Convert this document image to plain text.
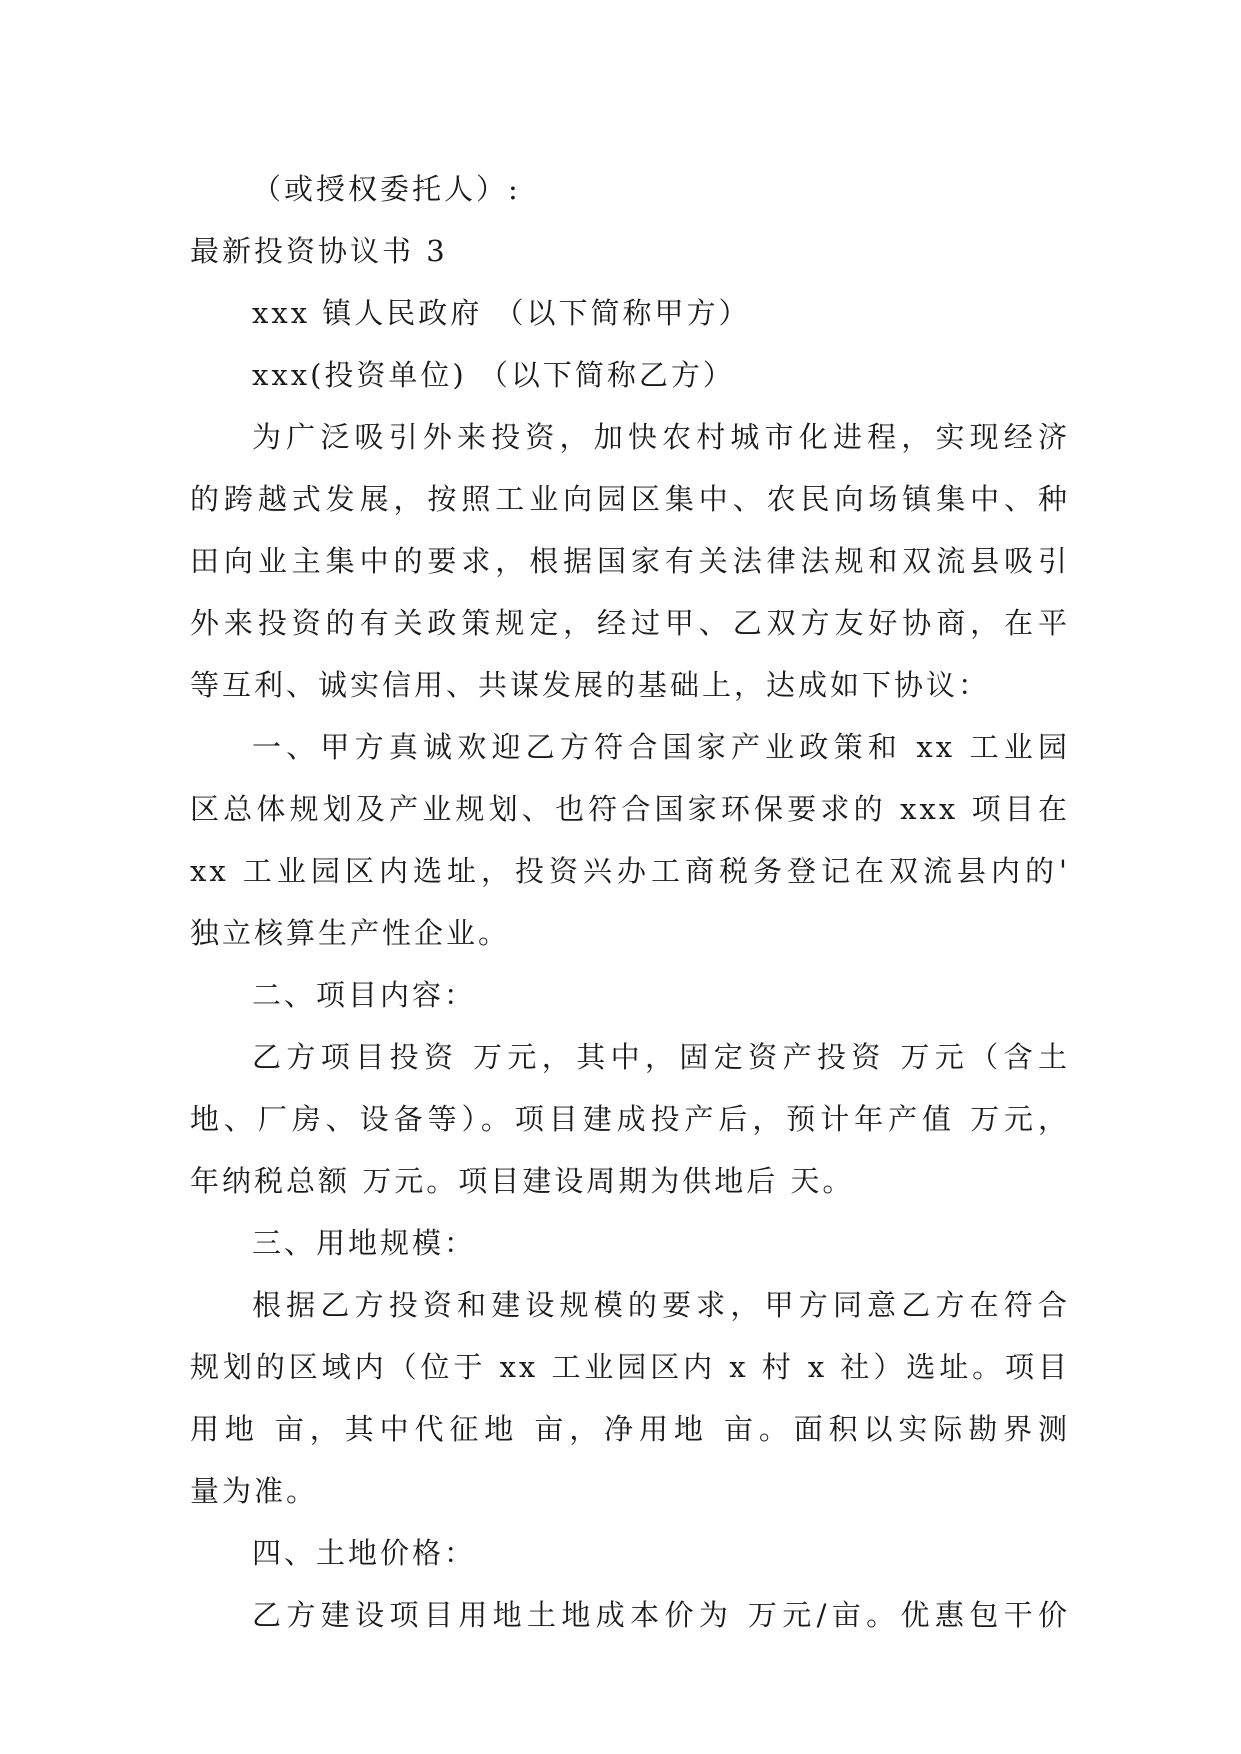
（或授权委托人）:
最新投资协议书 3
xxx 镇人民政府 （以下简称甲方）
xxx(投资单位) （以下简称乙方）
为广泛吸引外来投资，加快农村城市化进程，实现经济
的跨越式发展，按照工业向园区集中、农民向场镇集中、种
田向业主集中的要求，根据国家有关法律法规和双流县吸引
外来投资的有关政策规定，经过甲、乙双方友好协商，在平
等互利、诚实信用、共谋发展的基础上，达成如下协议：
一、甲方真诚欢迎乙方符合国家产业政策和 xx 工业园
区总体规划及产业规划、也符合国家环保要求的 xxx 项目在
xx 工业园区内选址，投资兴办工商税务登记在双流县内的'
独立核算生产性企业。
二、项目内容：
乙方项目投资 万元，其中，固定资产投资 万元（含土
地、厂房、设备等）。项目建成投产后，预计年产值 万元，
年纳税总额 万元。项目建设周期为供地后 天。
三、用地规模：
根据乙方投资和建设规模的要求，甲方同意乙方在符合
规划的区域内（位于 xx 工业园区内 x 村 x 社）选址。项目
用地 亩，其中代征地 亩，净用地 亩。面积以实际勘界测
量为准。
四、土地价格：
乙方建设项目用地土地成本价为 万元/亩。优惠包干价
